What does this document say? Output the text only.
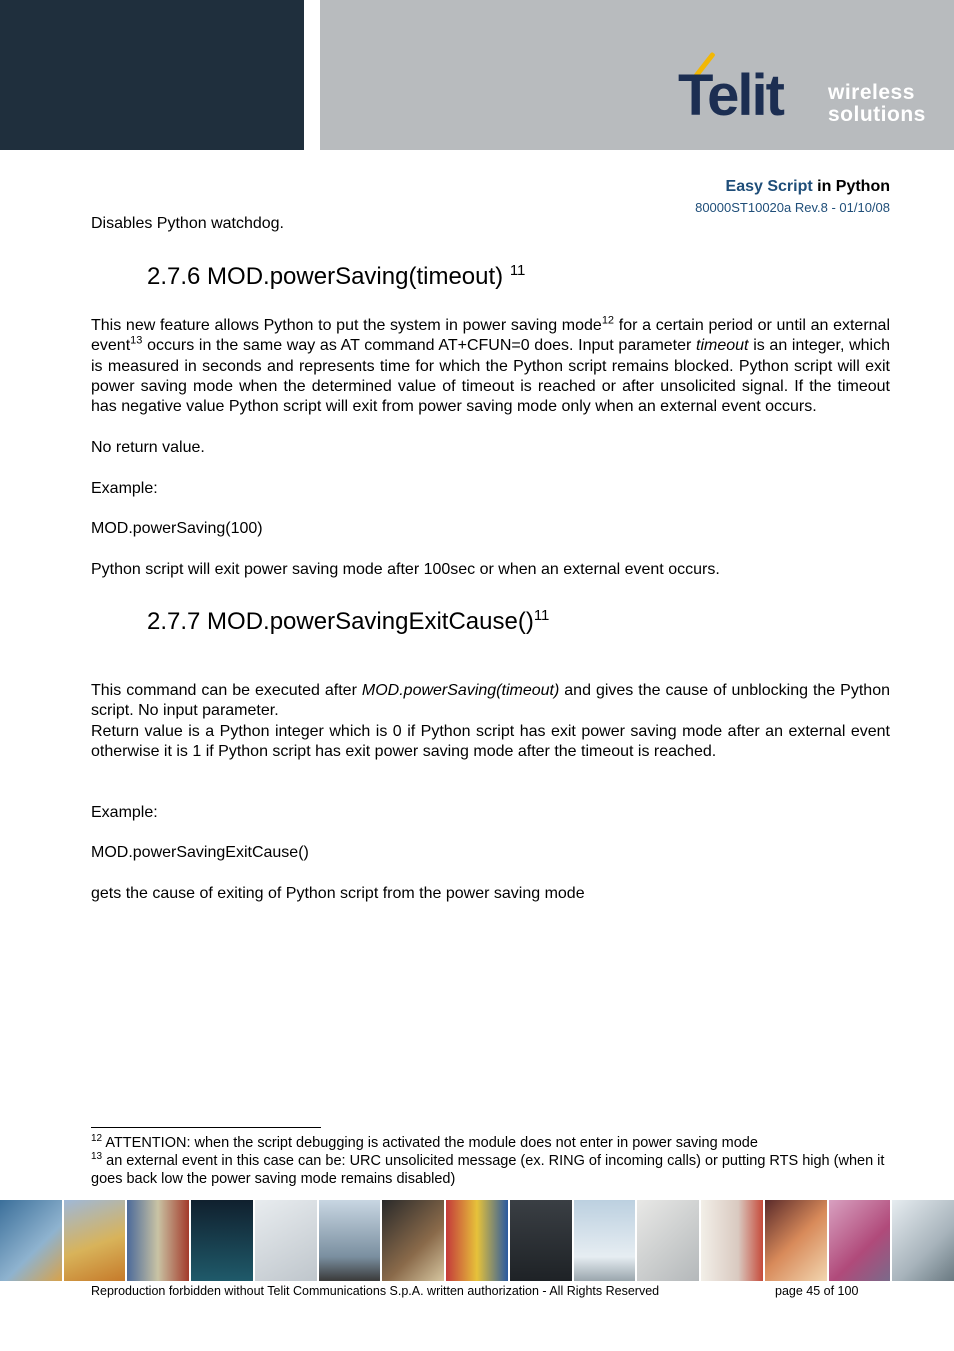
Telit wireless
solutions
Easy Script in Python
80000ST10020a Rev.8 - 01/10/08

Disables Python watchdog.

2.7.6 MOD.powerSaving(timeout) $^{11}$

This new feature allows Python to put the system in power saving mode$^{12}$ for a certain period or until an external event$^{13}$ occurs in the same way as AT command AT+CFUN=0 does. Input parameter timeout is an integer, which is measured in seconds and represents time for which the Python script remains blocked. Python script will exit power saving mode when the determined value of timeout is reached or after unsolicited signal. If the timeout has negative value Python script will exit from power saving mode only when an external event occurs.

No return value.

Example:

MOD.powerSaving(100)

Python script will exit power saving mode after 100sec or when an external event occurs.

2.7.7 MOD.powerSavingExitCause()$^{11}$

This command can be executed after MOD.powerSaving(timeout) and gives the cause of unblocking the Python script. No input parameter.

Return value is a Python integer which is 0 if Python script has exit power saving mode after an external event otherwise it is 1 if Python script has exit power saving mode after the timeout is reached.

Example:

MOD.powerSavingExitCause()

gets the cause of exiting of Python script from the power saving mode

$^{12}$ ATTENTION: when the script debugging is activated the module does not enter in power saving mode

$^{13}$ an external event in this case can be: URC unsolicited message (ex. RING of incoming calls) or putting RTS high (when it goes back low the power saving mode remains disabled)

Reproduction forbidden without Telit Communications S.p.A. written authorization - All Rights Reserved	page 45 of 100
